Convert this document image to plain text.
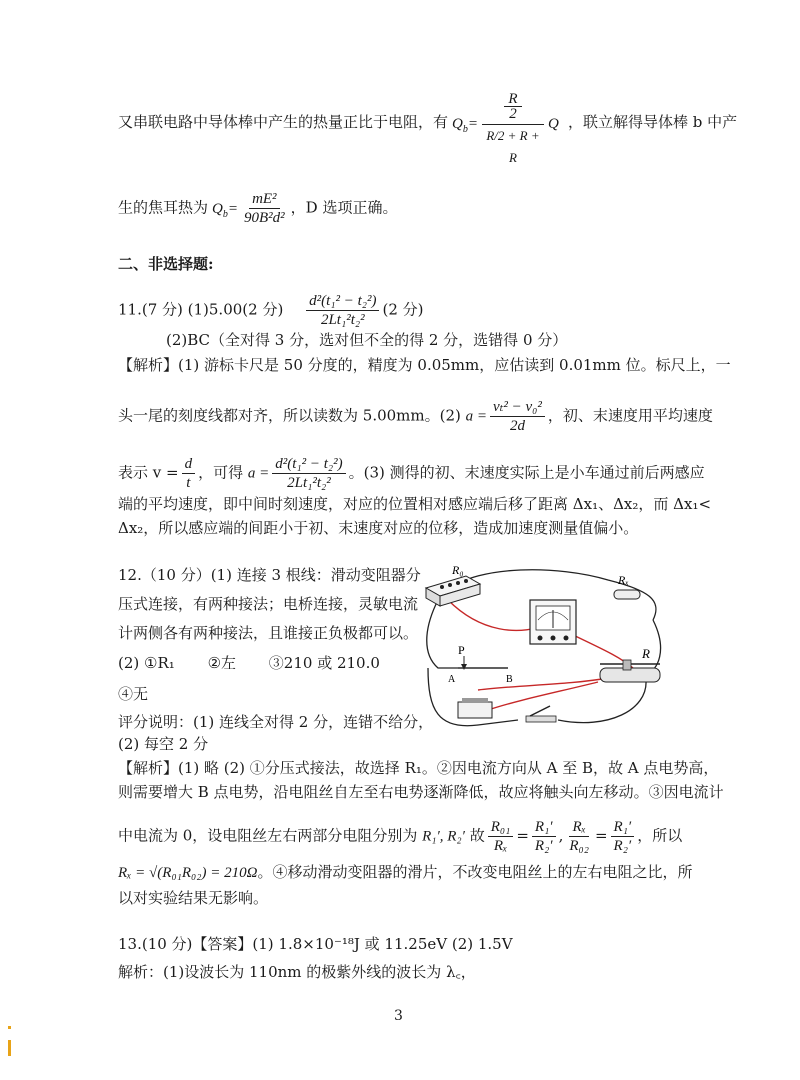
又串联电路中导体棒中产生的热量正比于电阻，有 $Q_b=$
R
2
R/2 + R + R
Q ，联立解得导体棒 b 中产
生的焦耳热为 $Q_b= \frac{\text{mE²}}{\text{90B²d²}}$ ，D 选项正确。
二、非选择题:
11.(7 分) (1)5.00(2 分) $\frac{\text{d²(t₁² − t₂²)}}{\text{2Lt₁²t₂²}} (2$ 分)
(2)BC（全对得 3 分，选对但不全的得 2 分，选错得 0 分）
【解析】(1) 游标卡尺是 50 分度的，精度为 0.05mm，应估读到 0.01mm 位。标尺上，一
头一尾的刻度线都对齐，所以读数为 5.00mm。(2) $a = \frac{\text{vₜ² − v₀²}}{2d}$ ，初、末速度用平均速度
表示 $v = \frac{d}{t}$ ，可得 $a = \frac{\text{d²(t₁² − t₂²)}}{\text{2Lt₁²t₂²}}$ 。(3) 测得的初、末速度实际上是小车通过前后两感应
端的平均速度，即中间时刻速度，对应的位置相对感应端后移了距离 Δx₁、Δx₂，而 Δx₁<
Δx₂，所以感应端的间距小于初、末速度对应的位移，造成加速度测量值偏小。
12.（10 分）(1) 连接 3 根线：滑动变阻器分
压式连接，有两种接法；电桥连接，灵敏电流
计两侧各有两种接法，且谁接正负极都可以。
(2) ①R₁ ②左 ③210 或 210.0
④无
评分说明：(1) 连线全对得 2 分，连错不给分，
(2) 每空 2 分
R₀
Rₓ
R
P
A	B
【解析】(1) 略 (2) ①分压式接法，故选择 R₁。②因电流方向从 A 至 B，故 A 点电势高，
则需要增大 B 点电势，沿电阻丝自左至右电势逐渐降低，故应将触头向左移动。③因电流计
中电流为 0，设电阻丝左右两部分电阻分别为 R₁′, R₂′ 故 $\frac{\text{R₀₁}}{\text{Rₓ}} = \frac{\text{R₁′}}{\text{R₂′}}$ , $\frac{\text{Rₓ}}{\text{R₀₂}} = \frac{\text{R₁′}}{\text{R₂′}}$ ，所以
Rₓ = √(R₀₁R₀₂) = 210Ω。④移动滑动变阻器的滑片，不改变电阻丝上的左右电阻之比，所
以对实验结果无影响。
13.(10 分)【答案】(1) 1.8×10⁻¹⁸J 或 11.25eV (2) 1.5V
解析：(1)设波长为 110nm 的极紫外线的波长为 λ꜀，
3
